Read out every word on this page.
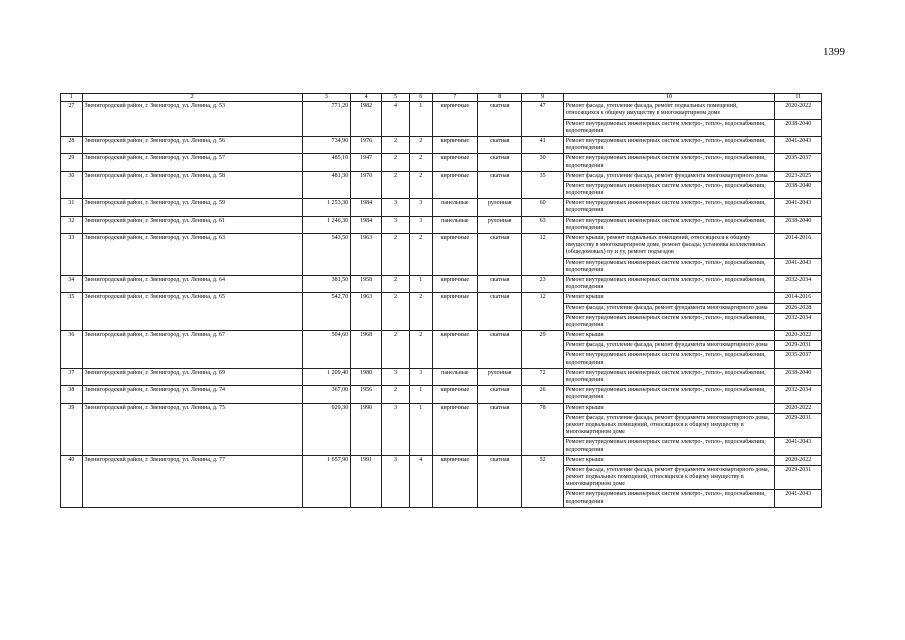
1399
1	2	3	4	5	6	7	8	9	10	11
27	Звенигородский район, г. Звенигород, ул. Ленина, д. 53	771,20	1982	4	1	кирпичные	скатная	47	Ремонт фасада, утепление фасада, ремонт подвальных помещений, относящихся к общему имуществу в многоквартирном доме	2020-2022
									Ремонт внутридомовых инженерных систем электро-, тепло-, водоснабжения, водоотведения	2038-2040
28	Звенигородский район, г. Звенигород, ул. Ленина, д. 56	734,90	1976	2	2	кирпичные	скатная	41	Ремонт внутридомовых инженерных систем электро-, тепло-, водоснабжения, водоотведения	2041-2043
29	Звенигородский район, г. Звенигород, ул. Ленина, д. 57	485,10	1947	2	2	кирпичные	скатная	30	Ремонт внутридомовых инженерных систем электро-, тепло-, водоснабжения, водоотведения	2035-2037
30	Звенигородский район, г. Звенигород, ул. Ленина, д. 58	481,30	1970	2	2	кирпичные	скатная	35	Ремонт фасада, утепление фасада, ремонт фундамента многоквартирного дома	2023-2025
									Ремонт внутридомовых инженерных систем электро-, тепло-, водоснабжения, водоотведения	2038-2040
31	Звенигородский район, г. Звенигород, ул. Ленина, д. 59	1 253,30	1984	3	3	панельные	рулонная	60	Ремонт внутридомовых инженерных систем электро-, тепло-, водоснабжения, водоотведения	2041-2043
32	Звенигородский район, г. Звенигород, ул. Ленина, д. 61	1 246,30	1984	3	3	панельные	рулонная	63	Ремонт внутридомовых инженерных систем электро-, тепло-, водоснабжения, водоотведения	2038-2040
33	Звенигородский район, г. Звенигород, ул. Ленина, д. 63	543,50	1963	2	2	кирпичные	скатная	12	Ремонт крыши, ремонт подвальных помещений, относящихся к общему имуществу в многоквартирном доме, ремонт фасада; установка коллективных (общедомовых) пу и уу, ремонт подъездов	2014-2016
									Ремонт внутридомовых инженерных систем электро-, тепло-, водоснабжения, водоотведения	2041-2043
34	Звенигородский район, г. Звенигород, ул. Ленина, д. 64	381,50	1958	2	1	кирпичные	скатная	23	Ремонт внутридомовых инженерных систем электро-, тепло-, водоснабжения, водоотведения	2032-2034
35	Звенигородский район, г. Звенигород, ул. Ленина, д. 65	542,70	1963	2	2	кирпичные	скатная	12	Ремонт крыши	2014-2016
									Ремонт фасада, утепление фасада, ремонт фундамента многоквартирного дома	2026-2028
									Ремонт внутридомовых инженерных систем электро-, тепло-, водоснабжения, водоотведения	2032-2034
36	Звенигородский район, г. Звенигород, ул. Ленина, д. 67	504,60	1968	2	2	кирпичные	скатная	29	Ремонт крыши	2020-2022
									Ремонт фасада, утепление фасада, ремонт фундамента многоквартирного дома	2029-2031
									Ремонт внутридомовых инженерных систем электро-, тепло-, водоснабжения, водоотведения	2035-2037
37	Звенигородский район, г. Звенигород, ул. Ленина, д. 69	1 209,40	1980	3	3	панельные	рулонная	72	Ремонт внутридомовых инженерных систем электро-, тепло-, водоснабжения, водоотведения	2038-2040
38	Звенигородский район, г. Звенигород, ул. Ленина, д. 74	367,00	1956	2	1	кирпичные	скатная	26	Ремонт внутридомовых инженерных систем электро-, тепло-, водоснабжения, водоотведения	2032-2034
39	Звенигородский район, г. Звенигород, ул. Ленина, д. 75	929,30	1990	3	1	кирпичные	скатная	78	Ремонт крыши	2020-2022
									Ремонт фасада, утепление фасада, ремонт фундамента многоквартирного дома, ремонт подвальных помещений, относящихся к общему имуществу в многоквартирном доме	2029-2031
									Ремонт внутридомовых инженерных систем электро-, тепло-, водоснабжения, водоотведения	2041-2043
40	Звенигородский район, г. Звенигород, ул. Ленина, д. 77	1 657,90	1991	3	4	кирпичные	скатная	52	Ремонт крыши	2020-2022
									Ремонт фасада, утепление фасада, ремонт фундамента многоквартирного дома, ремонт подвальных помещений, относящихся к общему имуществу в многоквартирном доме	2029-2031
									Ремонт внутридомовых инженерных систем электро-, тепло-, водоснабжения, водоотведения	2041-2043
